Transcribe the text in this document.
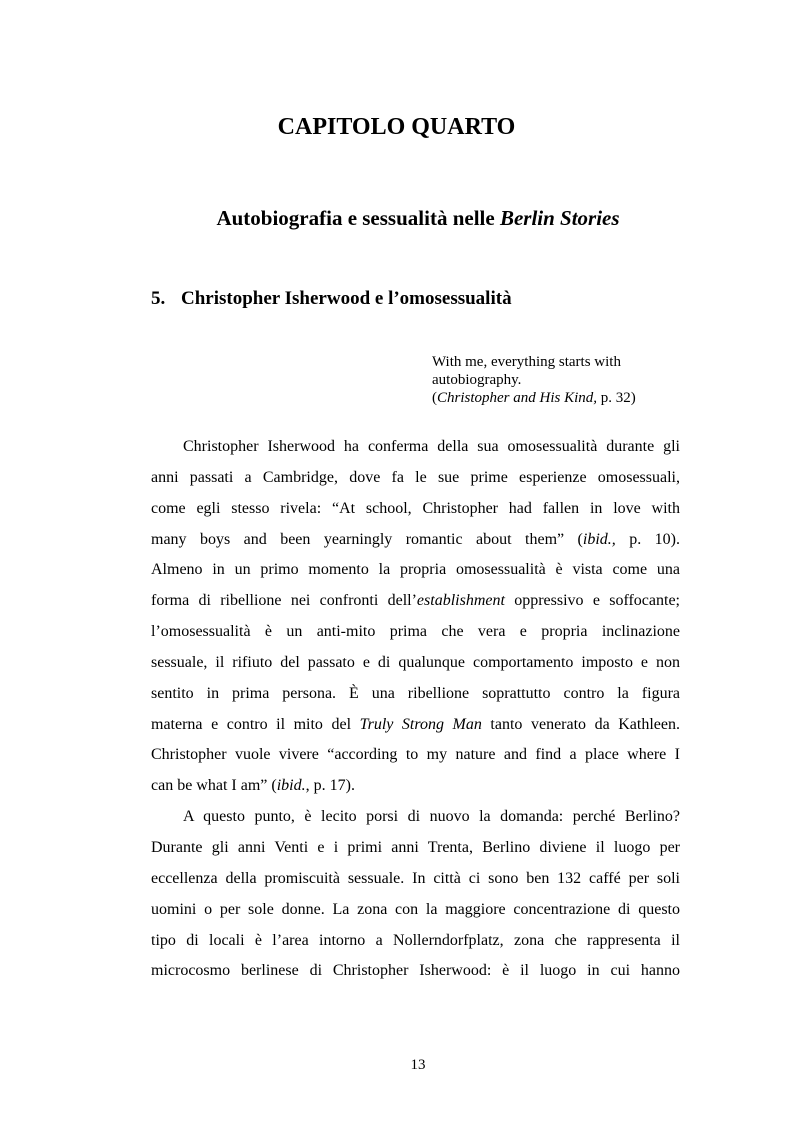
CAPITOLO QUARTO
Autobiografia e sessualità nelle Berlin Stories
5. Christopher Isherwood e l’omosessualità
With me, everything starts with
autobiography.
(Christopher and His Kind, p. 32)
Christopher Isherwood ha conferma della sua omosessualità durante gli
anni passati a Cambridge, dove fa le sue prime esperienze omosessuali,
come egli stesso rivela: “At school, Christopher had fallen in love with
many boys and been yearningly romantic about them” (ibid., p. 10).
Almeno in un primo momento la propria omosessualità è vista come una
forma di ribellione nei confronti dell’establishment oppressivo e soffocante;
l’omosessualità è un anti-mito prima che vera e propria inclinazione
sessuale, il rifiuto del passato e di qualunque comportamento imposto e non
sentito in prima persona. È una ribellione soprattutto contro la figura
materna e contro il mito del Truly Strong Man tanto venerato da Kathleen.
Christopher vuole vivere “according to my nature and find a place where I
can be what I am” (ibid., p. 17).
A questo punto, è lecito porsi di nuovo la domanda: perché Berlino?
Durante gli anni Venti e i primi anni Trenta, Berlino diviene il luogo per
eccellenza della promiscuità sessuale. In città ci sono ben 132 caffé per soli
uomini o per sole donne. La zona con la maggiore concentrazione di questo
tipo di locali è l’area intorno a Nollerndorfplatz, zona che rappresenta il
microcosmo berlinese di Christopher Isherwood: è il luogo in cui hanno
13
